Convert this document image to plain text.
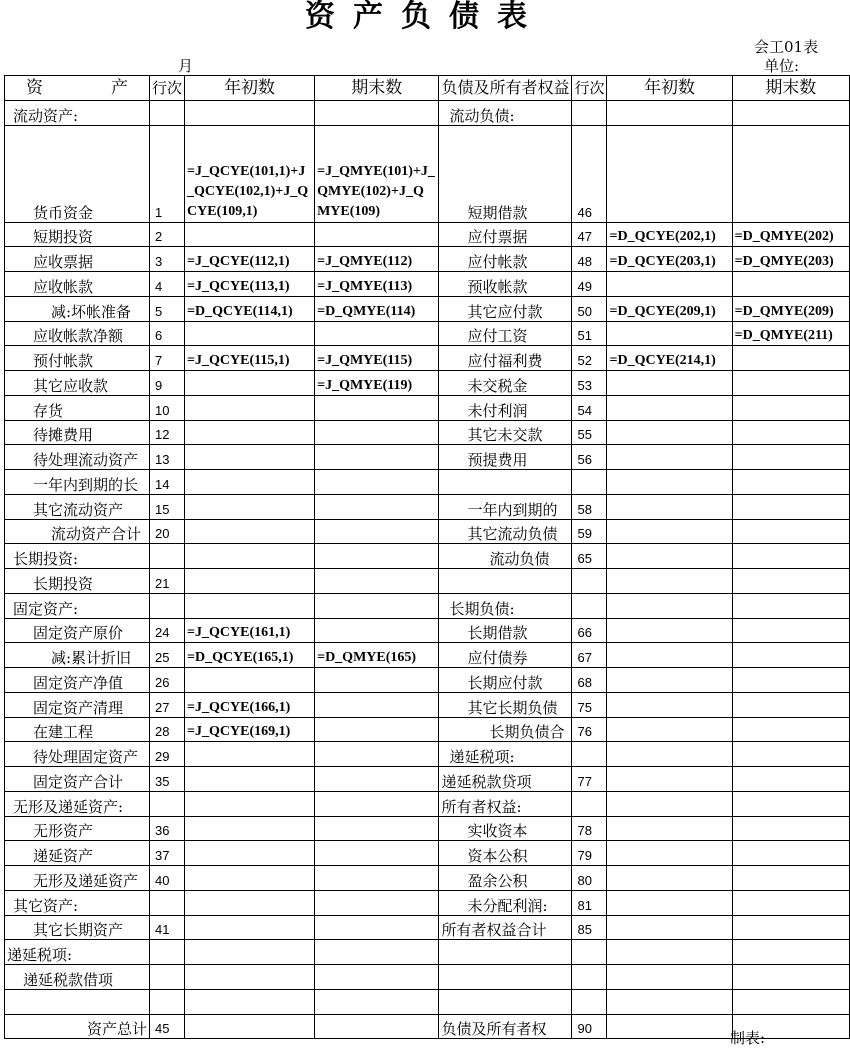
资产负债表
会工01表
月	单位:
资　　　　产	行次	年初数	期末数	负债及所有者权益	行次	年初数	期末数
流动资产:				流动负债:			
货币资金	1	=J_QCYE(101,1)+J_QCYE(102,1)+J_QCYE(109,1)	=J_QMYE(101)+J_QMYE(102)+J_QMYE(109)	短期借款	46		
短期投资	2			应付票据	47	=D_QCYE(202,1)	=D_QMYE(202)
应收票据	3	=J_QCYE(112,1)	=J_QMYE(112)	应付帐款	48	=D_QCYE(203,1)	=D_QMYE(203)
应收帐款	4	=J_QCYE(113,1)	=J_QMYE(113)	预收帐款	49		
减:坏帐准备	5	=D_QCYE(114,1)	=D_QMYE(114)	其它应付款	50	=D_QCYE(209,1)	=D_QMYE(209)
应收帐款净额	6			应付工资	51		=D_QMYE(211)
预付帐款	7	=J_QCYE(115,1)	=J_QMYE(115)	应付福利费	52	=D_QCYE(214,1)	
其它应收款	9		=J_QMYE(119)	未交税金	53		
存货	10			未付利润	54		
待摊费用	12			其它未交款	55		
待处理流动资产	13			预提费用	56		
一年内到期的长	14						
其它流动资产	15			一年内到期的	58		
流动资产合计	20			其它流动负债	59		
长期投资:				流动负债	65		
长期投资	21						
固定资产:				长期负债:			
固定资产原价	24	=J_QCYE(161,1)		长期借款	66		
减:累计折旧	25	=D_QCYE(165,1)	=D_QMYE(165)	应付债券	67		
固定资产净值	26			长期应付款	68		
固定资产清理	27	=J_QCYE(166,1)		其它长期负债	75		
在建工程	28	=J_QCYE(169,1)		长期负债合	76		
待处理固定资产	29			递延税项:			
固定资产合计	35			递延税款贷项	77		
无形及递延资产:				所有者权益:			
无形资产	36			实收资本	78		
递延资产	37			资本公积	79		
无形及递延资产	40			盈余公积	80		
其它资产:				未分配利润:	81		
其它长期资产	41			所有者权益合计	85		
递延税项:							
递延税款借项							

资产总计	45			负债及所有者权	90		
制表:
